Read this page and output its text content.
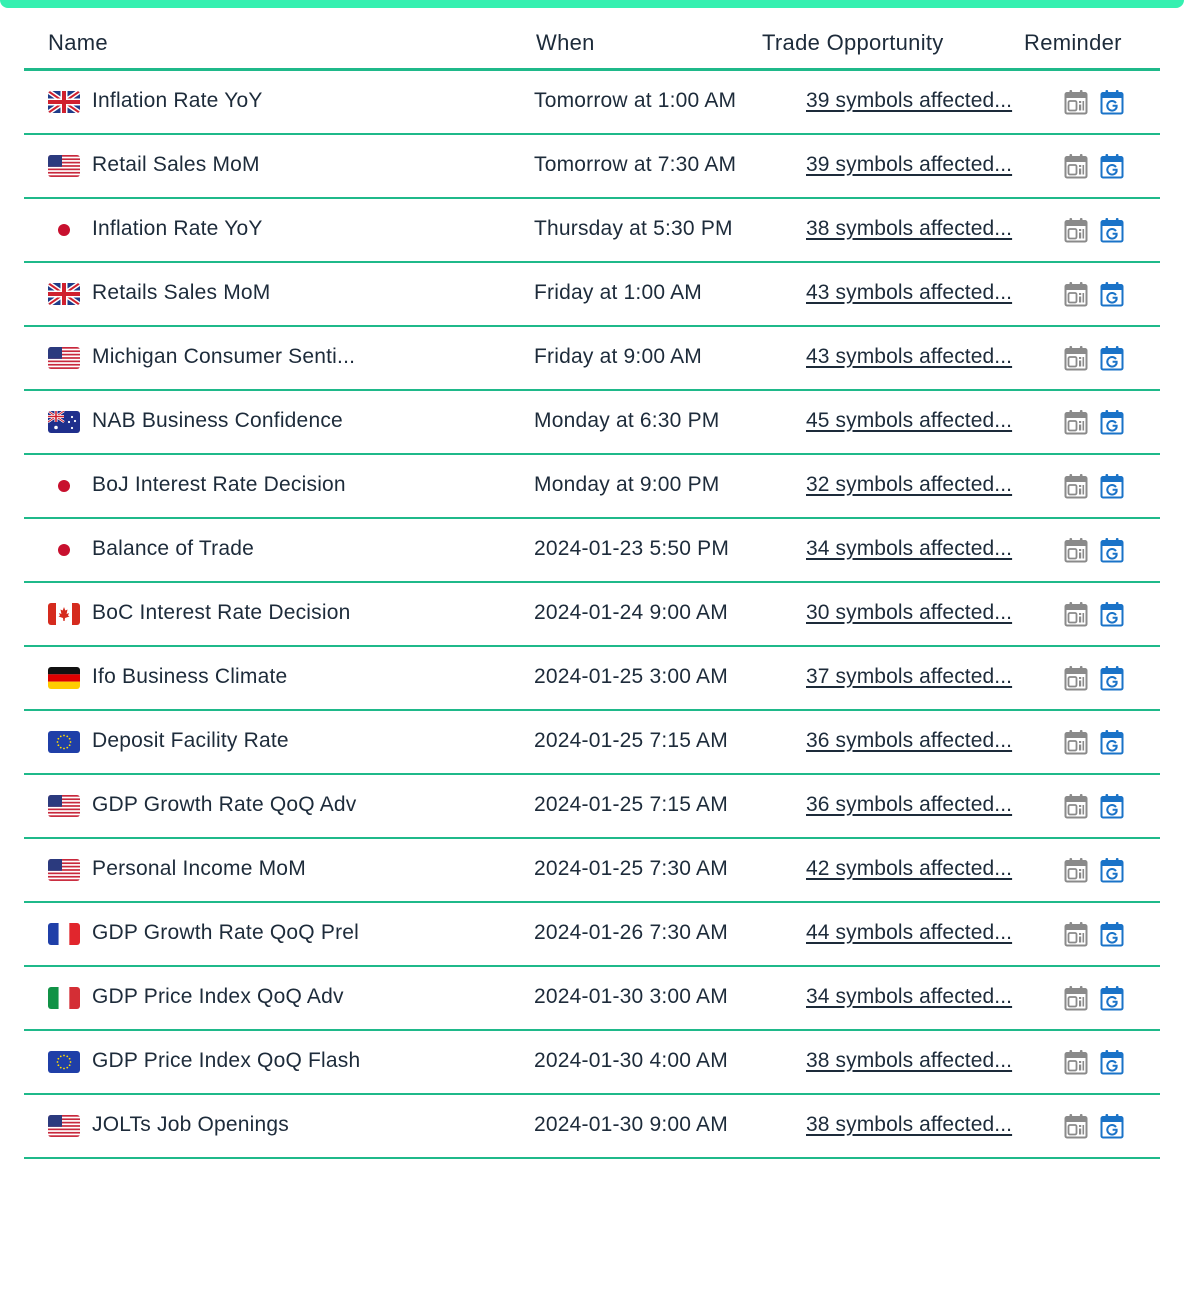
Name	When	Trade Opportunity	Reminder
Inflation Rate YoY	Tomorrow at 1:00 AM	39 symbols affected...
Retail Sales MoM	Tomorrow at 7:30 AM	39 symbols affected...
Inflation Rate YoY	Thursday at 5:30 PM	38 symbols affected...
Retails Sales MoM	Friday at 1:00 AM	43 symbols affected...
Michigan Consumer Senti...	Friday at 9:00 AM	43 symbols affected...
NAB Business Confidence	Monday at 6:30 PM	45 symbols affected...
BoJ Interest Rate Decision	Monday at 9:00 PM	32 symbols affected...
Balance of Trade	2024-01-23 5:50 PM	34 symbols affected...
BoC Interest Rate Decision	2024-01-24 9:00 AM	30 symbols affected...
Ifo Business Climate	2024-01-25 3:00 AM	37 symbols affected...
Deposit Facility Rate	2024-01-25 7:15 AM	36 symbols affected...
GDP Growth Rate QoQ Adv	2024-01-25 7:15 AM	36 symbols affected...
Personal Income MoM	2024-01-25 7:30 AM	42 symbols affected...
GDP Growth Rate QoQ Prel	2024-01-26 7:30 AM	44 symbols affected...
GDP Price Index QoQ Adv	2024-01-30 3:00 AM	34 symbols affected...
GDP Price Index QoQ Flash	2024-01-30 4:00 AM	38 symbols affected...
JOLTs Job Openings	2024-01-30 9:00 AM	38 symbols affected...
